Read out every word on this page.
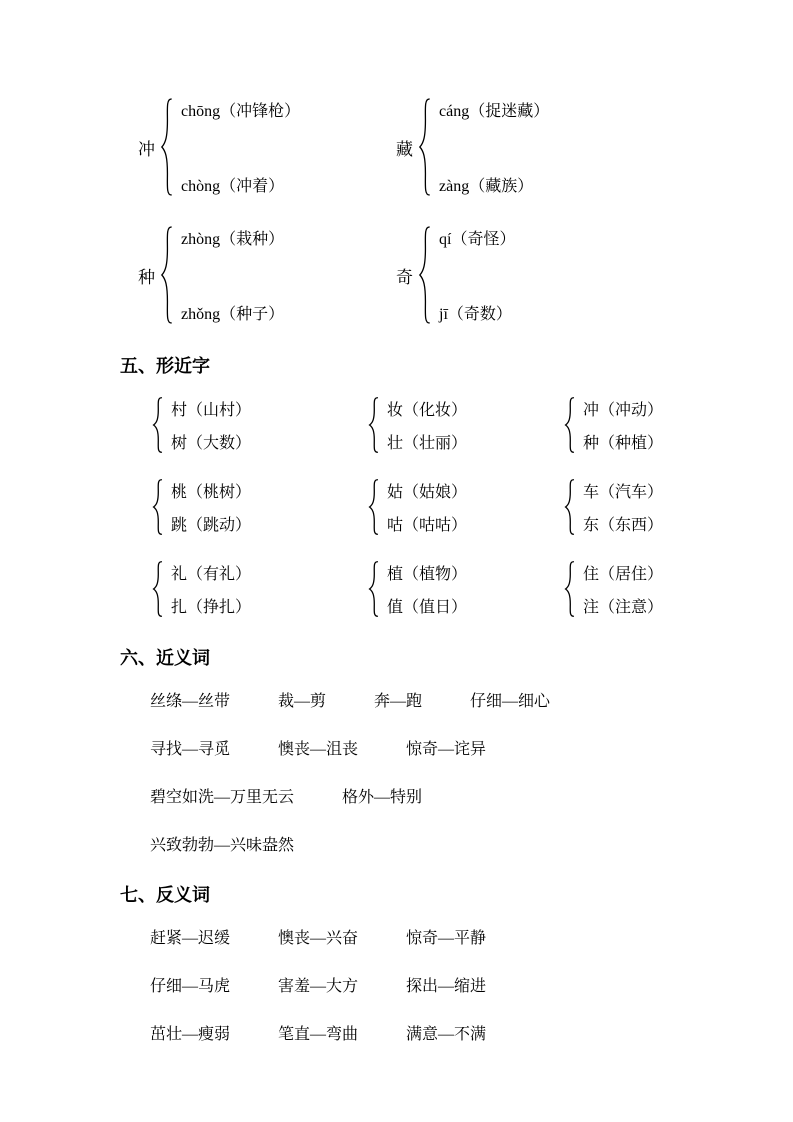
冲
chōng（冲锋枪）
chòng（冲着）
藏
cáng（捉迷藏）
zàng（藏族）
种
zhòng（栽种）
zhǒng（种子）
奇
qí（奇怪）
jī（奇数）
五、形近字
村（山村）
树（大数）
妆（化妆）
壮（壮丽）
冲（冲动）
种（种植）
桃（桃树）
跳（跳动）
姑（姑娘）
咕（咕咕）
车（汽车）
东（东西）
礼（有礼）
扎（挣扎）
植（植物）
值（值日）
住（居住）
注（注意）
六、近义词
丝绦—丝带	裁—剪	奔—跑	仔细—细心
寻找—寻觅	懊丧—沮丧	惊奇—诧异
碧空如洗—万里无云	格外—特别
兴致勃勃—兴味盎然
七、反义词
赶紧—迟缓	懊丧—兴奋	惊奇—平静
仔细—马虎	害羞—大方	探出—缩进
茁壮—瘦弱	笔直—弯曲	满意—不满
